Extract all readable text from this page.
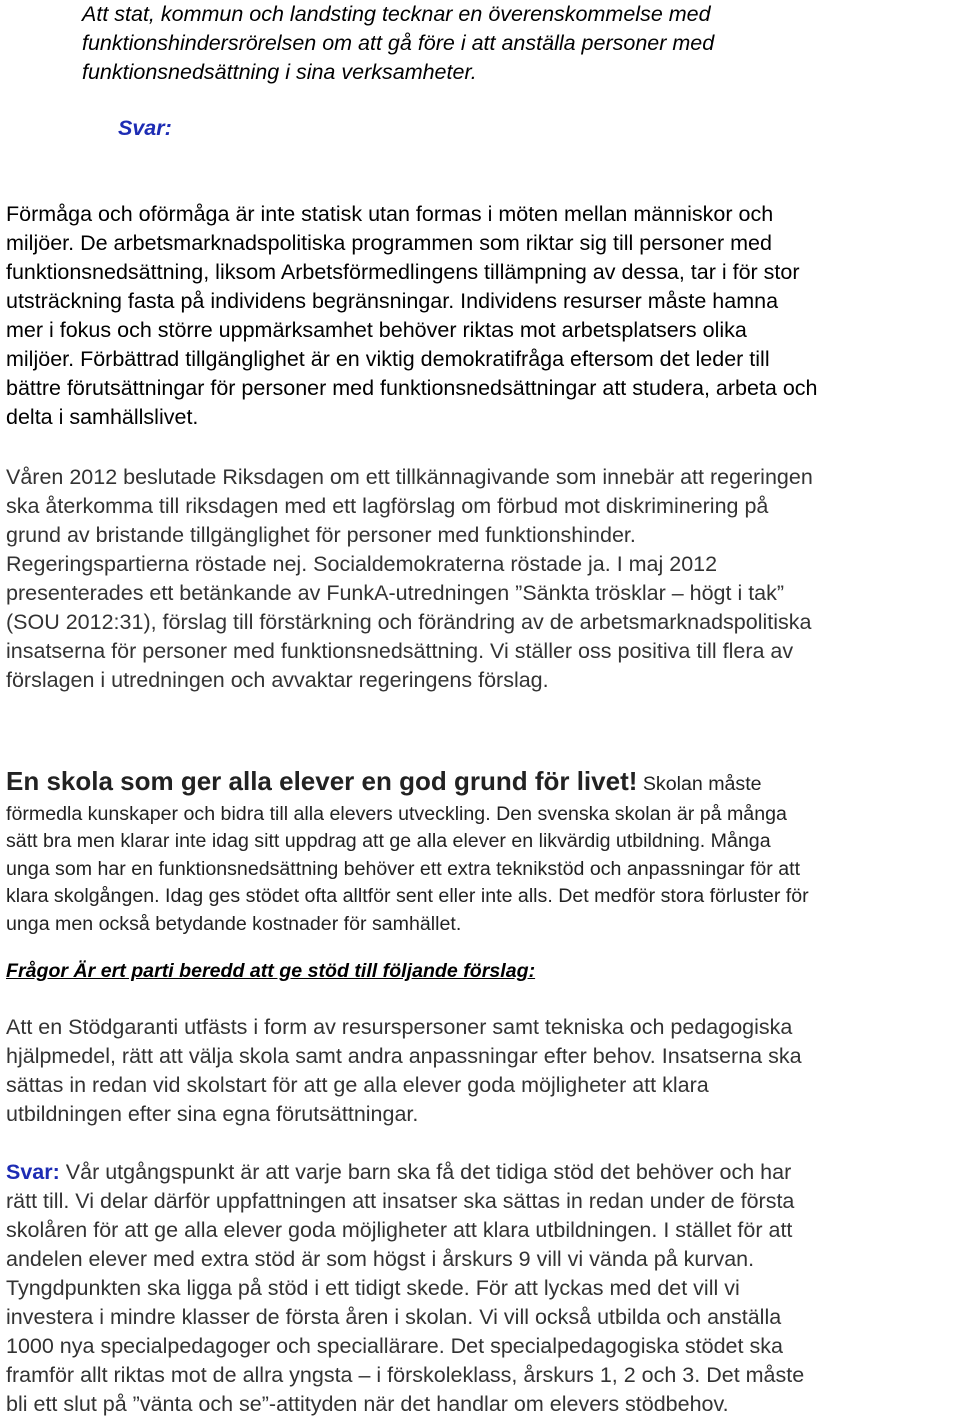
Att stat, kommun och landsting tecknar en överenskommelse med
funktionshindersrörelsen om att gå före i att anställa personer med
funktionsnedsättning i sina verksamheter.
Svar:
Förmåga och oförmåga är inte statisk utan formas i möten mellan människor och
miljöer. De arbetsmarknadspolitiska programmen som riktar sig till personer med
funktionsnedsättning, liksom Arbetsförmedlingens tillämpning av dessa, tar i för stor
utsträckning fasta på individens begränsningar. Individens resurser måste hamna
mer i fokus och större uppmärksamhet behöver riktas mot arbetsplatsers olika
miljöer. Förbättrad tillgänglighet är en viktig demokratifråga eftersom det leder till
bättre förutsättningar för personer med funktionsnedsättningar att studera, arbeta och
delta i samhällslivet.
Våren 2012 beslutade Riksdagen om ett tillkännagivande som innebär att regeringen
ska återkomma till riksdagen med ett lagförslag om förbud mot diskriminering på
grund av bristande tillgänglighet för personer med funktionshinder.
Regeringspartierna röstade nej. Socialdemokraterna röstade ja. I maj 2012
presenterades ett betänkande av FunkA-utredningen ”Sänkta trösklar – högt i tak”
(SOU 2012:31), förslag till förstärkning och förändring av de arbetsmarknadspolitiska
insatserna för personer med funktionsnedsättning. Vi ställer oss positiva till flera av
förslagen i utredningen och avvaktar regeringens förslag.
En skola som ger alla elever en god grund för livet! Skolan måste
förmedla kunskaper och bidra till alla elevers utveckling. Den svenska skolan är på många
sätt bra men klarar inte idag sitt uppdrag att ge alla elever en likvärdig utbildning. Många
unga som har en funktionsnedsättning behöver ett extra teknikstöd och anpassningar för att
klara skolgången. Idag ges stödet ofta alltför sent eller inte alls. Det medför stora förluster för
unga men också betydande kostnader för samhället.
Frågor Är ert parti beredd att ge stöd till följande förslag:
Att en Stödgaranti utfästs i form av resurspersoner samt tekniska och pedagogiska
hjälpmedel, rätt att välja skola samt andra anpassningar efter behov. Insatserna ska
sättas in redan vid skolstart för att ge alla elever goda möjligheter att klara
utbildningen efter sina egna förutsättningar.
Svar: Vår utgångspunkt är att varje barn ska få det tidiga stöd det behöver och har
rätt till. Vi delar därför uppfattningen att insatser ska sättas in redan under de första
skolåren för att ge alla elever goda möjligheter att klara utbildningen. I stället för att
andelen elever med extra stöd är som högst i årskurs 9 vill vi vända på kurvan.
Tyngdpunkten ska ligga på stöd i ett tidigt skede. För att lyckas med det vill vi
investera i mindre klasser de första åren i skolan. Vi vill också utbilda och anställa
1000 nya specialpedagoger och speciallärare. Det specialpedagogiska stödet ska
framför allt riktas mot de allra yngsta – i förskoleklass, årskurs 1, 2 och 3. Det måste
bli ett slut på ”vänta och se”-attityden när det handlar om elevers stödbehov.
